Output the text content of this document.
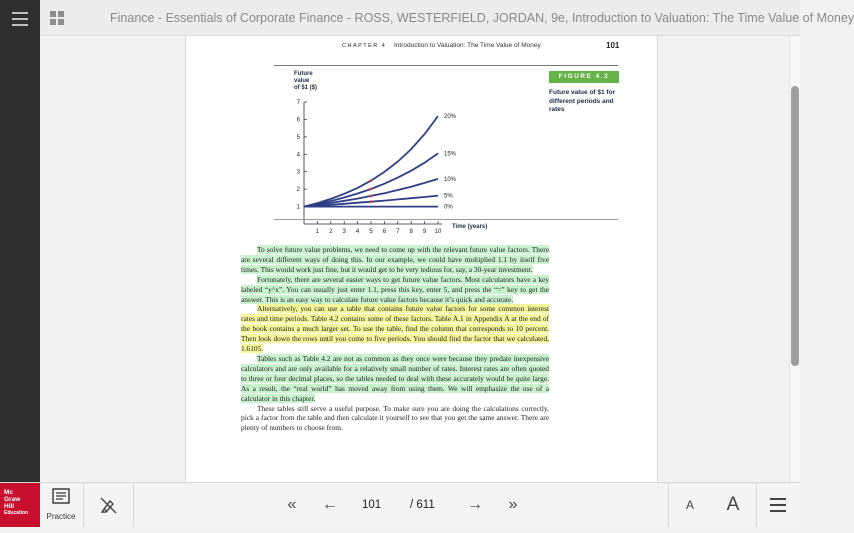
Finance - Essentials of Corporate Finance - ROSS, WESTERFIELD, JORDAN, 9e, Introduction to Valuation: The Time Value of Money
CHAPTER 4 Introduction to Valuation: The Time Value of Money	101
FIGURE 4.2
Future value of $1 for different periods and rates
Future value of $1 ($)
1
2
3
4
5
6
7
1 2 3 4 5 6 7 8 9 10
Time (years)
20%
15%
10%
5%
0%

To solve future value problems, we need to come up with the relevant future value factors. There are several different ways of doing this. In our example, we could have multiplied 1.1 by itself five times. This would work just fine, but it would get to be very tedious for, say, a 30-year investment.

Fortunately, there are several easier ways to get future value factors. Most calculators have a key labeled “y^x”. You can usually just enter 1.1, press this key, enter 5, and press the “=” key to get the answer. This is an easy way to calculate future value factors because it’s quick and accurate.

Alternatively, you can use a table that contains future value factors for some common interest rates and time periods. Table 4.2 contains some of these factors. Table A.1 in Appendix A at the end of the book contains a much larger set. To use the table, find the column that corresponds to 10 percent. Then look down the rows until you come to five periods. You should find the factor that we calculated, 1.6105.

Tables such as Table 4.2 are not as common as they once were because they predate inexpensive calculators and are only available for a relatively small number of rates. Interest rates are often quoted to three or four decimal places, so the tables needed to deal with these accurately would be quite large. As a result, the “real world” has moved away from using them. We will emphasize the use of a calculator in this chapter.

These tables still serve a useful purpose. To make sure you are doing the calculations correctly, pick a factor from the table and then calculate it yourself to see that you get the same answer. There are plenty of numbers to choose from.

Mc
Graw
Hill
Education	Practice
«	← 101	/ 611 →	»	A	A
